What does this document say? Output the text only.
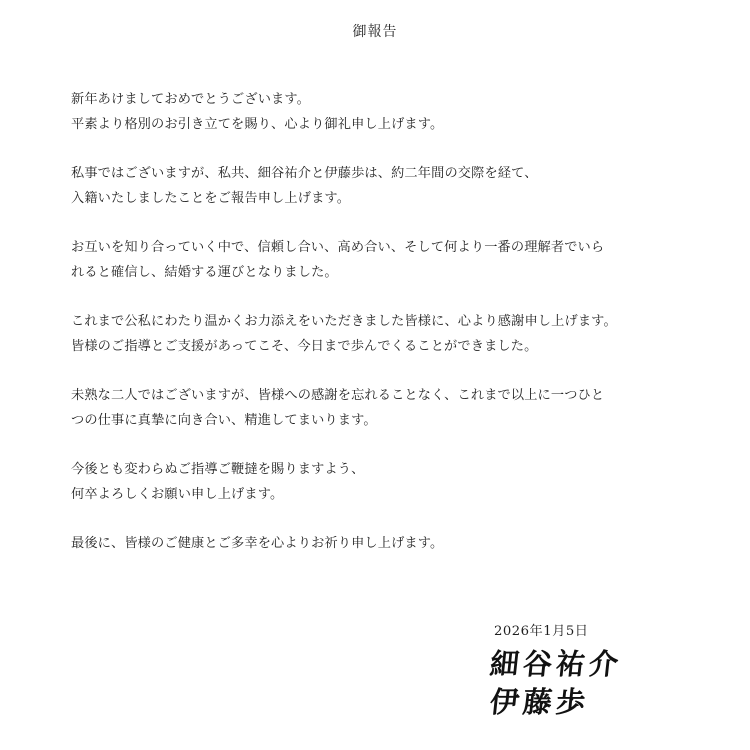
御報告

新年あけましておめでとうございます。
平素より格別のお引き立てを賜り、心より御礼申し上げます。

私事ではございますが、私共、細谷祐介と伊藤歩は、約二年間の交際を経て、
入籍いたしましたことをご報告申し上げます。

お互いを知り合っていく中で、信頼し合い、高め合い、そして何より一番の理解者でいら
れると確信し、結婚する運びとなりました。

これまで公私にわたり温かくお力添えをいただきました皆様に、心より感謝申し上げます。
皆様のご指導とご支援があってこそ、今日まで歩んでくることができました。

未熟な二人ではございますが、皆様への感謝を忘れることなく、これまで以上に一つひと
つの仕事に真摯に向き合い、精進してまいります。

今後とも変わらぬご指導ご鞭撻を賜りますよう、
何卒よろしくお願い申し上げます。

最後に、皆様のご健康とご多幸を心よりお祈り申し上げます。

2026年1月5日
細谷祐介
伊藤歩
